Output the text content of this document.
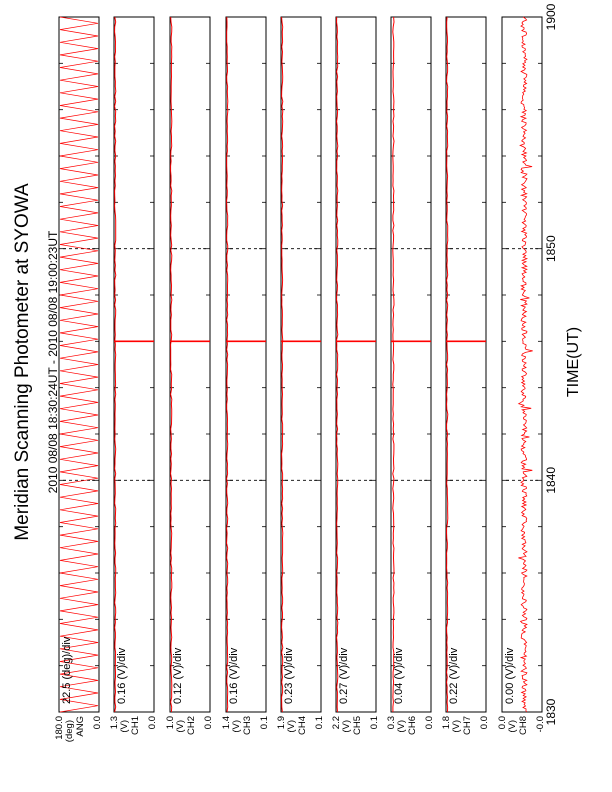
22.5 (deg)/div
180.0 (deg) ANG 0.0
0.16 (V)/div
1.3 (V) CH1 0.0
0.12 (V)/div
1.0 (V) CH2 0.0
0.16 (V)/div
1.4 (V) CH3 0.1
0.23 (V)/div
1.9 (V) CH4 0.1
0.27 (V)/div
2.2 (V) CH5 0.1
0.04 (V)/div
0.3 (V) CH6 0.0
0.22 (V)/div
1.8 (V) CH7 0.0
0.00 (V)/div
0.0 (V) CH8 -0.0
Meridian Scanning Photometer at SYOWA 2010 08/08 18:30:24UT - 2010 08/08 19:00:23UT	TIME(UT)
1830
1840
1850
1900
